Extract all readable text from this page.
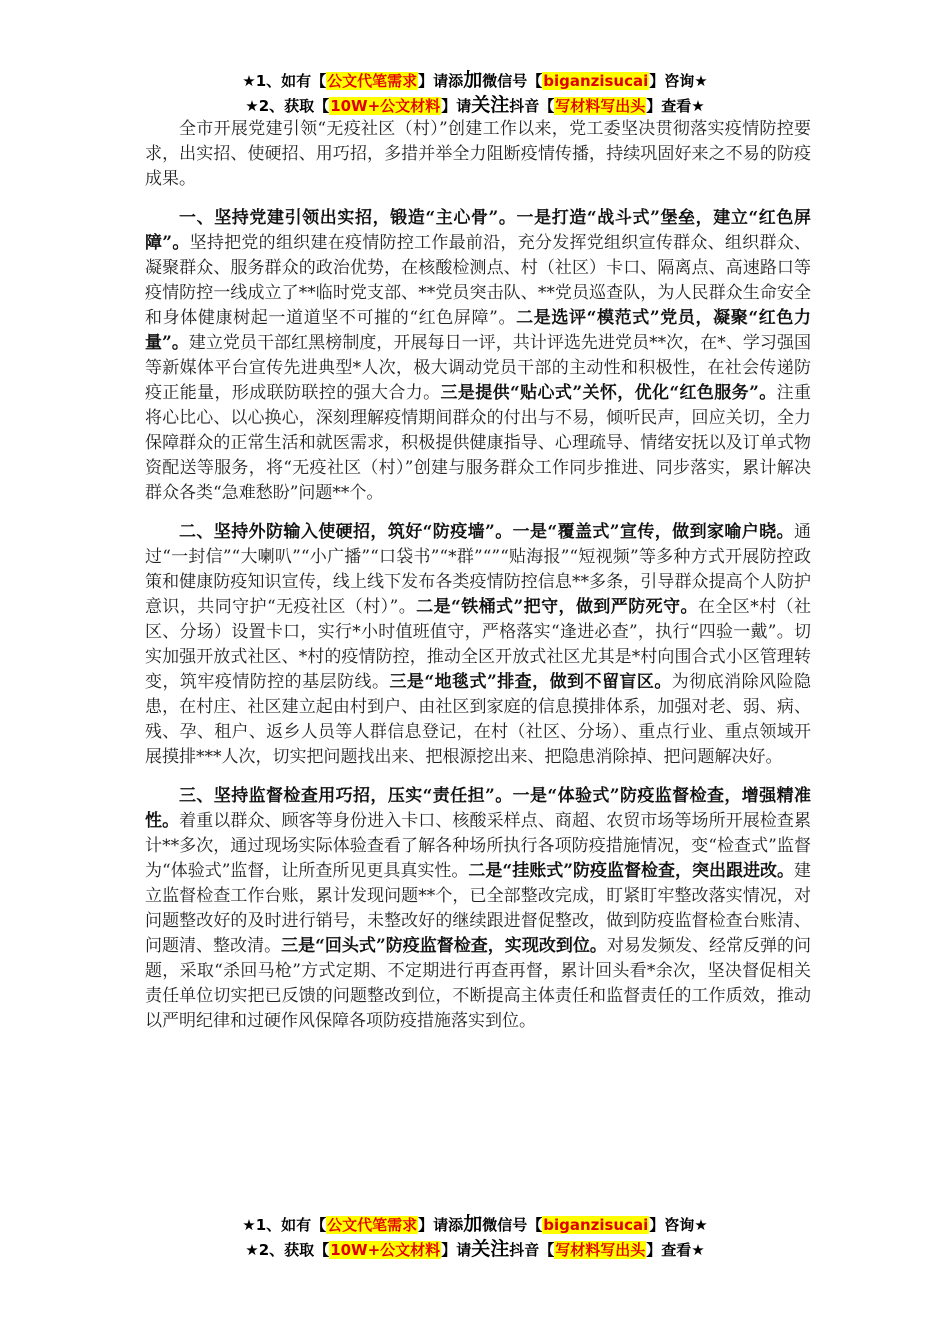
★1、如有【公文代笔需求】请添加微信号【biganzisucai】咨询★
★2、获取【10W+公文材料】请关注抖音【写材料写出头】查看★

全市开展党建引领“无疫社区（村）”创建工作以来，党工委坚决贯彻落实疫情防控要求，出实招、使硬招、用巧招，多措并举全力阻断疫情传播，持续巩固好来之不易的防疫成果。

一、坚持党建引领出实招，锻造“主心骨”。一是打造“战斗式”堡垒，建立“红色屏障”。坚持把党的组织建在疫情防控工作最前沿，充分发挥党组织宣传群众、组织群众、凝聚群众、服务群众的政治优势，在核酸检测点、村（社区）卡口、隔离点、高速路口等疫情防控一线成立了**临时党支部、**党员突击队、**党员巡查队，为人民群众生命安全和身体健康树起一道道坚不可摧的“红色屏障”。二是选评“模范式”党员，凝聚“红色力量”。建立党员干部红黑榜制度，开展每日一评，共计评选先进党员**次，在*、学习强国等新媒体平台宣传先进典型*人次，极大调动党员干部的主动性和积极性，在社会传递防疫正能量，形成联防联控的强大合力。三是提供“贴心式”关怀，优化“红色服务”。注重将心比心、以心换心，深刻理解疫情期间群众的付出与不易，倾听民声，回应关切，全力保障群众的正常生活和就医需求，积极提供健康指导、心理疏导、情绪安抚以及订单式物资配送等服务，将“无疫社区（村）”创建与服务群众工作同步推进、同步落实，累计解决群众各类“急难愁盼”问题**个。

二、坚持外防输入使硬招，筑好“防疫墙”。一是“覆盖式”宣传，做到家喻户晓。通过“一封信”“大喇叭”“小广播”“口袋书”“*群”“”“贴海报”“短视频”等多种方式开展防控政策和健康防疫知识宣传，线上线下发布各类疫情防控信息**多条，引导群众提高个人防护意识，共同守护“无疫社区（村）”。二是“铁桶式”把守，做到严防死守。在全区*村（社区、分场）设置卡口，实行*小时值班值守，严格落实“逢进必查”，执行“四验一戴”。切实加强开放式社区、*村的疫情防控，推动全区开放式社区尤其是*村向围合式小区管理转变，筑牢疫情防控的基层防线。三是“地毯式”排查，做到不留盲区。为彻底消除风险隐患，在村庄、社区建立起由村到户、由社区到家庭的信息摸排体系，加强对老、弱、病、残、孕、租户、返乡人员等人群信息登记，在村（社区、分场）、重点行业、重点领域开展摸排***人次，切实把问题找出来、把根源挖出来、把隐患消除掉、把问题解决好。

三、坚持监督检查用巧招，压实“责任担”。一是“体验式”防疫监督检查，增强精准性。着重以群众、顾客等身份进入卡口、核酸采样点、商超、农贸市场等场所开展检查累计**多次，通过现场实际体验查看了解各种场所执行各项防疫措施情况，变“检查式”监督为“体验式”监督，让所查所见更具真实性。二是“挂账式”防疫监督检查，突出跟进改。建立监督检查工作台账，累计发现问题**个，已全部整改完成，盯紧盯牢整改落实情况，对问题整改好的及时进行销号，未整改好的继续跟进督促整改，做到防疫监督检查台账清、问题清、整改清。三是“回头式”防疫监督检查，实现改到位。对易发频发、经常反弹的问题，采取“杀回马枪”方式定期、不定期进行再查再督，累计回头看*余次，坚决督促相关责任单位切实把已反馈的问题整改到位，不断提高主体责任和监督责任的工作质效，推动以严明纪律和过硬作风保障各项防疫措施落实到位。

★1、如有【公文代笔需求】请添加微信号【biganzisucai】咨询★
★2、获取【10W+公文材料】请关注抖音【写材料写出头】查看★
